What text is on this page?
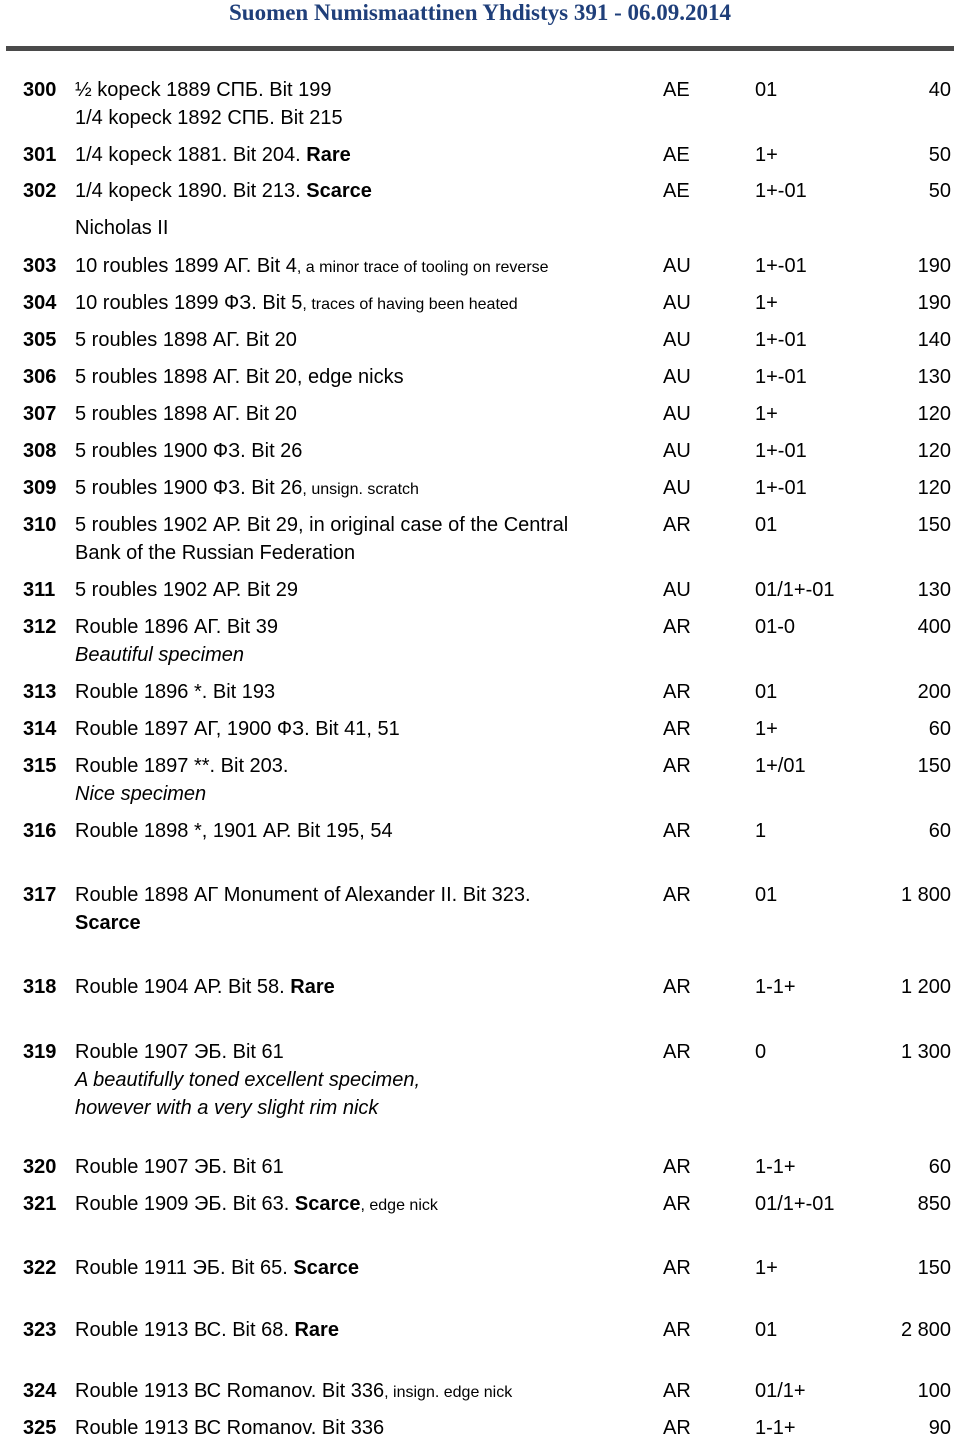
Suomen Numismaattinen Yhdistys 391 - 06.09.2014
Nicholas II
300 ½ kopeck 1889 СПБ. Bit 199
1/4 kopeck 1892 СПБ. Bit 215
AE	01	40
301 1/4 kopeck 1881. Bit 204. Rare	AE	1+	50
302 1/4 kopeck 1890. Bit 213. Scarce	AE	1+-01	50
303 10 roubles 1899 АГ. Bit 4, a minor trace of tooling on reverse	AU	1+-01	190
304 10 roubles 1899 ФЗ. Bit 5, traces of having been heated	AU	1+	190
305 5 roubles 1898 АГ. Bit 20	AU	1+-01	140
306 5 roubles 1898 АГ. Bit 20, edge nicks	AU	1+-01	130
307 5 roubles 1898 АГ. Bit 20	AU	1+	120
308 5 roubles 1900 ФЗ. Bit 26	AU	1+-01	120
309 5 roubles 1900 ФЗ. Bit 26, unsign. scratch	AU	1+-01	120
310 5 roubles 1902 АР. Bit 29, in original case of the Central
Bank of the Russian Federation
AR	01	150
311 5 roubles 1902 АР. Bit 29	AU	01/1+-01	130
312 Rouble 1896 АГ. Bit 39
Beautiful specimen
AR	01-0	400
313 Rouble 1896 *. Bit 193	AR	01	200
314 Rouble 1897 АГ, 1900 ФЗ. Bit 41, 51	AR	1+	60
315 Rouble 1897 **. Bit 203.
Nice specimen
AR	1+/01	150
316 Rouble 1898 *, 1901 АР. Bit 195, 54	AR	1	60
317 Rouble 1898 АГ Monument of Alexander II. Bit 323.
Scarce
AR	01	1 800
318 Rouble 1904 АР. Bit 58. Rare	AR	1-1+	1 200
319 Rouble 1907 ЭБ. Bit 61
A beautifully toned excellent specimen,
however with a very slight rim nick
AR	0	1 300
320 Rouble 1907 ЭБ. Bit 61	AR	1-1+	60
321 Rouble 1909 ЭБ. Bit 63. Scarce, edge nick	AR	01/1+-01	850
322 Rouble 1911 ЭБ. Bit 65. Scarce	AR	1+	150
323 Rouble 1913 ВС. Bit 68. Rare	AR	01	2 800
324 Rouble 1913 ВС Romanov. Bit 336, insign. edge nick	AR	01/1+	100
325 Rouble 1913 ВС Romanov. Bit 336	AR	1-1+	90
